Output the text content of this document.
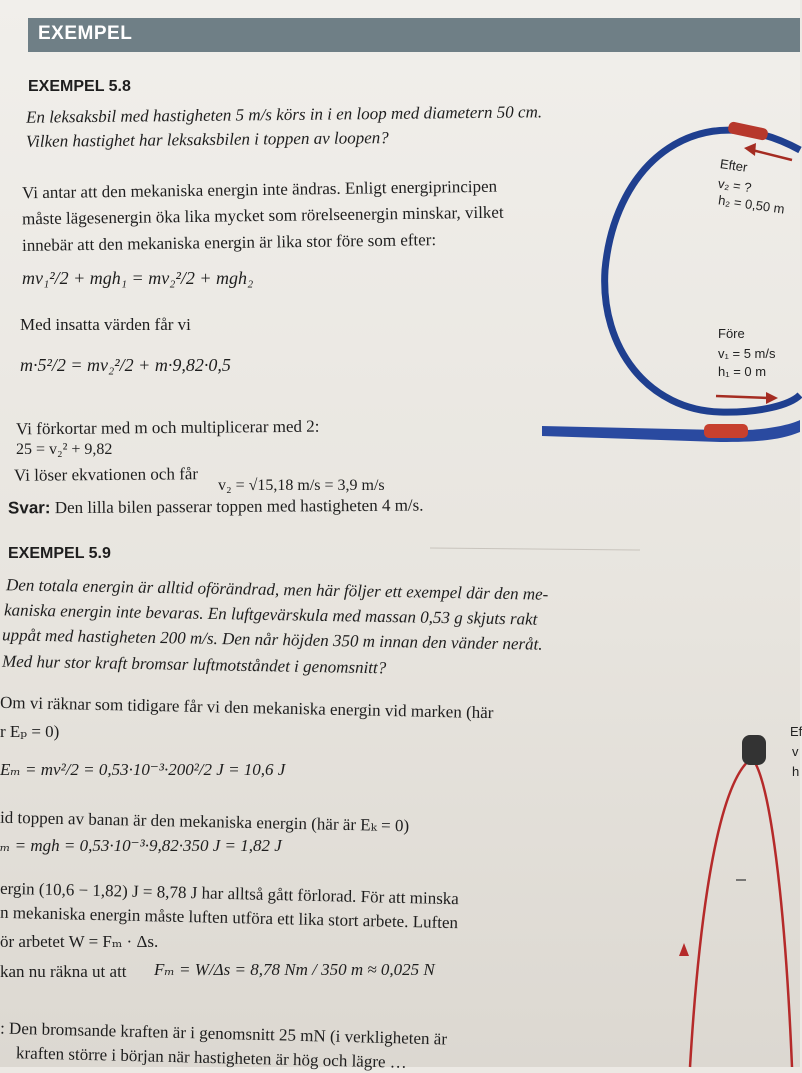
EXEMPEL
EXEMPEL 5.8
En leksaksbil med hastigheten 5 m/s körs in i en loop med diametern 50 cm.
Vilken hastighet har leksaksbilen i toppen av loopen?
Vi antar att den mekaniska energin inte ändras. Enligt energiprincipen
måste lägesenergin öka lika mycket som rörelseenergin minskar, vilket
innebär att den mekaniska energin är lika stor före som efter:
mv₁²/2 + mgh₁ = mv₂²/2 + mgh₂
Med insatta värden får vi
m·5²/2 = mv₂²/2 + m·9,82·0,5
Vi förkortar med m och multiplicerar med 2:
25 = v₂² + 9,82
Vi löser ekvationen och får
v₂ = √15,18 m/s = 3,9 m/s
Svar: Den lilla bilen passerar toppen med hastigheten 4 m/s.
Efter
v₂ = ?
h₂ = 0,50 m
Före
v₁ = 5 m/s
h₁ = 0 m
EXEMPEL 5.9
Den totala energin är alltid oförändrad, men här följer ett exempel där den me-
kaniska energin inte bevaras. En luftgevärskula med massan 0,53 g skjuts rakt
uppåt med hastigheten 200 m/s. Den når höjden 350 m innan den vänder neråt.
Med hur stor kraft bromsar luftmotståndet i genomsnitt?
Om vi räknar som tidigare får vi den mekaniska energin vid marken (här
r Eₚ = 0)
Eₘ = mv²/2 = 0,53·10⁻³·200²/2 J = 10,6 J
id toppen av banan är den mekaniska energin (här är Eₖ = 0)
ₘ = mgh = 0,53·10⁻³·9,82·350 J = 1,82 J
ergin (10,6 − 1,82) J = 8,78 J har alltså gått förlorad. För att minska
n mekaniska energin måste luften utföra ett lika stort arbete. Luften
ör arbetet W = Fₘ · Δs.
kan nu räkna ut att Fₘ = W/Δs = 8,78 Nm / 350 m ≈ 0,025 N
: Den bromsande kraften är i genomsnitt 25 mN (i verkligheten är
kraften större i början när hastigheten är hög och lägre …
Ef
v
h
